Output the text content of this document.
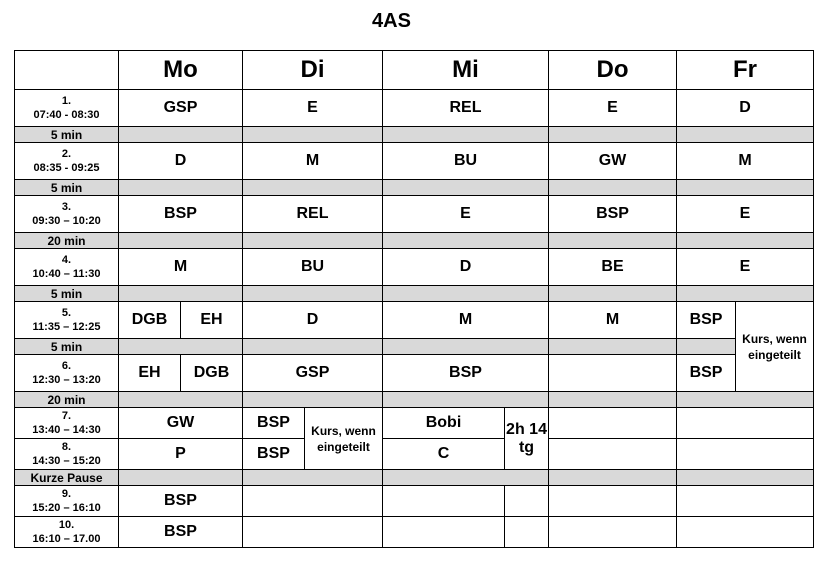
4AS
	Mo		Di		Mi		Do	Fr	
1.
07:40 - 08:30	GSP		E		REL		E	D	
5 min									
2.
08:35 - 09:25	D		M		BU		GW	M	
5 min									
3.
09:30 – 10:20	BSP		REL		E		BSP	E	
20 min									
4.
10:40 – 11:30	M		BU		D		BE	E	
5 min									
5.
11:35 – 12:25	DGB	EH	D		M		M	BSP	Kurs, wenn eingeteilt
5 min									
6.
12:30 – 13:20	EH	DGB	GSP		BSP			BSP	
20 min									
7.
13:40 – 14:30	GW		BSP	Kurs, wenn eingeteilt	Bobi	2h 14 tg			
8.
14:30 – 15:20	P		BSP		C				
Kurze Pause									
9.
15:20 – 16:10	BSP								
10.
16:10 – 17.00	BSP								
